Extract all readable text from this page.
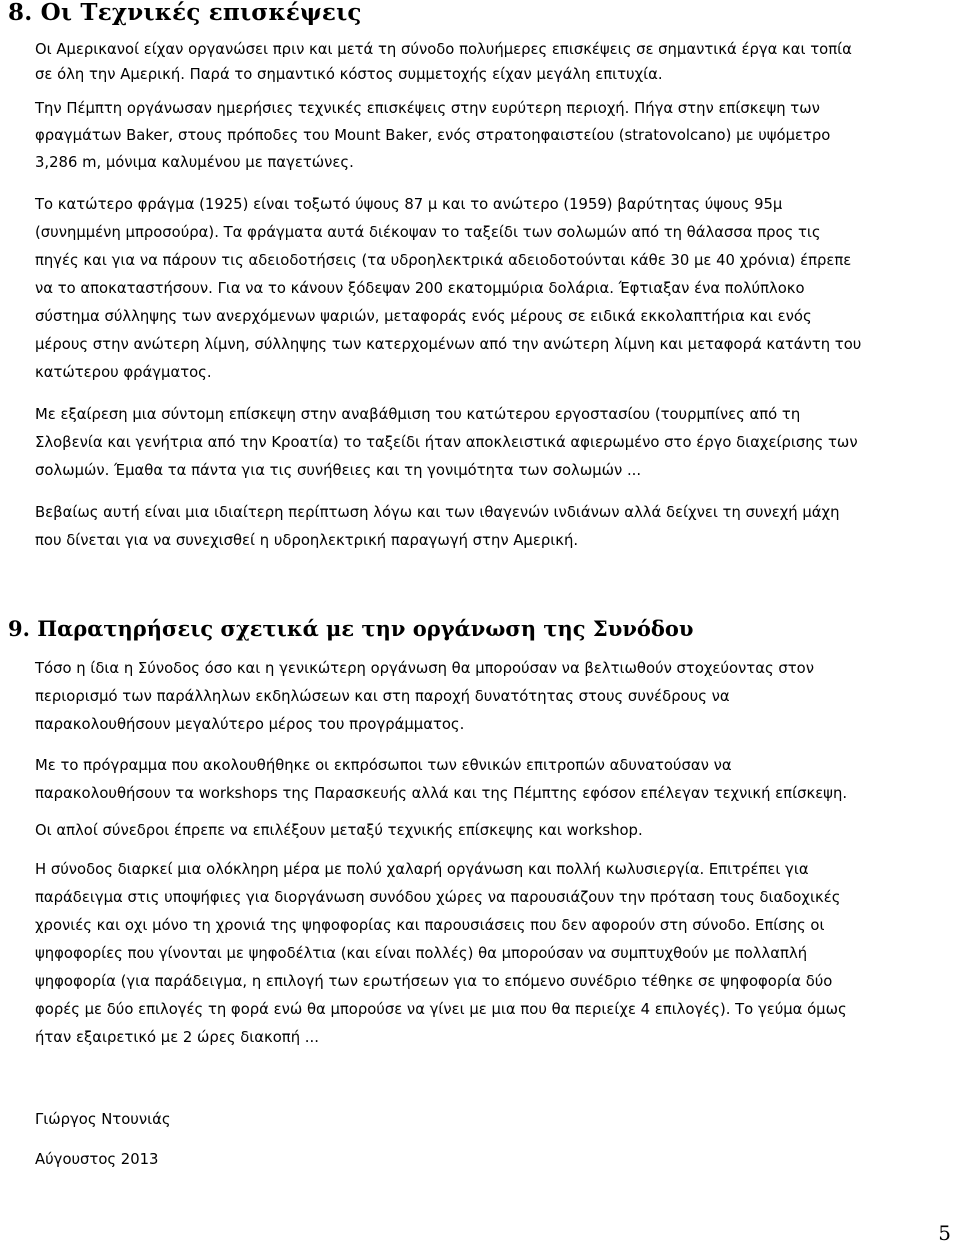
8. Οι Τεχνικές επισκέψεις
Οι Αμερικανοί είχαν οργανώσει πριν και μετά τη σύνοδο πολυήμερες επισκέψεις σε σημαντικά έργα και τοπία
σε όλη την Αμερική. Παρά το σημαντικό κόστος συμμετοχής είχαν μεγάλη επιτυχία.
Την Πέμπτη οργάνωσαν ημερήσιες τεχνικές επισκέψεις στην ευρύτερη περιοχή. Πήγα στην επίσκεψη των
φραγμάτων Baker, στους πρόποδες του Mount Baker, ενός στρατοηφαιστείου (stratovolcano) με υψόμετρο
3,286 m, μόνιμα καλυμένου με παγετώνες.
Το κατώτερο φράγμα (1925) είναι τοξωτό ύψους 87 μ και το ανώτερο (1959) βαρύτητας ύψους 95μ
(συνημμένη μπροσούρα). Τα φράγματα αυτά διέκοψαν το ταξείδι των σολωμών από τη θάλασσα προς τις
πηγές και για να πάρουν τις αδειοδοτήσεις (τα υδροηλεκτρικά αδειοδοτούνται κάθε 30 με 40 χρόνια) έπρεπε
να το αποκαταστήσουν. Για να το κάνουν ξόδεψαν 200 εκατομμύρια δολάρια. Έφτιαξαν ένα πολύπλοκο
σύστημα σύλληψης των ανερχόμενων ψαριών, μεταφοράς ενός μέρους σε ειδικά εκκολαπτήρια και ενός
μέρους στην ανώτερη λίμνη, σύλληψης των κατερχομένων από την ανώτερη λίμνη και μεταφορά κατάντη του
κατώτερου φράγματος.
Με εξαίρεση μια σύντομη επίσκεψη στην αναβάθμιση του κατώτερου εργοστασίου (τουρμπίνες από τη
Σλοβενία και γενήτρια από την Κροατία) το ταξείδι ήταν αποκλειστικά αφιερωμένο στο έργο διαχείρισης των
σολωμών. Έμαθα τα πάντα για τις συνήθειες και τη γονιμότητα των σολωμών ...
Βεβαίως αυτή είναι μια ιδιαίτερη περίπτωση λόγω και των ιθαγενών ινδιάνων αλλά δείχνει τη συνεχή μάχη
που δίνεται για να συνεχισθεί η υδροηλεκτρική παραγωγή στην Αμερική.
9. Παρατηρήσεις σχετικά με την οργάνωση της Συνόδου
Τόσο η ίδια η Σύνοδος όσο και η γενικώτερη οργάνωση θα μπορούσαν να βελτιωθούν στοχεύοντας στον
περιορισμό των παράλληλων εκδηλώσεων και στη παροχή δυνατότητας στους συνέδρους να
παρακολουθήσουν μεγαλύτερο μέρος του προγράμματος.
Με το πρόγραμμα που ακολουθήθηκε οι εκπρόσωποι των εθνικών επιτροπών αδυνατούσαν να
παρακολουθήσουν τα workshops της Παρασκευής αλλά και της Πέμπτης εφόσον επέλεγαν τεχνική επίσκεψη.
Οι απλοί σύνεδροι έπρεπε να επιλέξουν μεταξύ τεχνικής επίσκεψης και workshop.
Η σύνοδος διαρκεί μια ολόκληρη μέρα με πολύ χαλαρή οργάνωση και πολλή κωλυσιεργία. Επιτρέπει για
παράδειγμα στις υποψήφιες για διοργάνωση συνόδου χώρες να παρουσιάζουν την πρόταση τους διαδοχικές
χρονιές και οχι μόνο τη χρονιά της ψηφοφορίας και παρουσιάσεις που δεν αφορούν στη σύνοδο. Επίσης οι
ψηφοφορίες που γίνονται με ψηφοδέλτια (και είναι πολλές) θα μπορούσαν να συμπτυχθούν με πολλαπλή
ψηφοφορία (για παράδειγμα, η επιλογή των ερωτήσεων για το επόμενο συνέδριο τέθηκε σε ψηφοφορία δύο
φορές με δύο επιλογές τη φορά ενώ θα μπορούσε να γίνει με μια που θα περιείχε 4 επιλογές). Το γεύμα όμως
ήταν εξαιρετικό με 2 ώρες διακοπή ...
Γιώργος Ντουνιάς
Αύγουστος 2013
5
